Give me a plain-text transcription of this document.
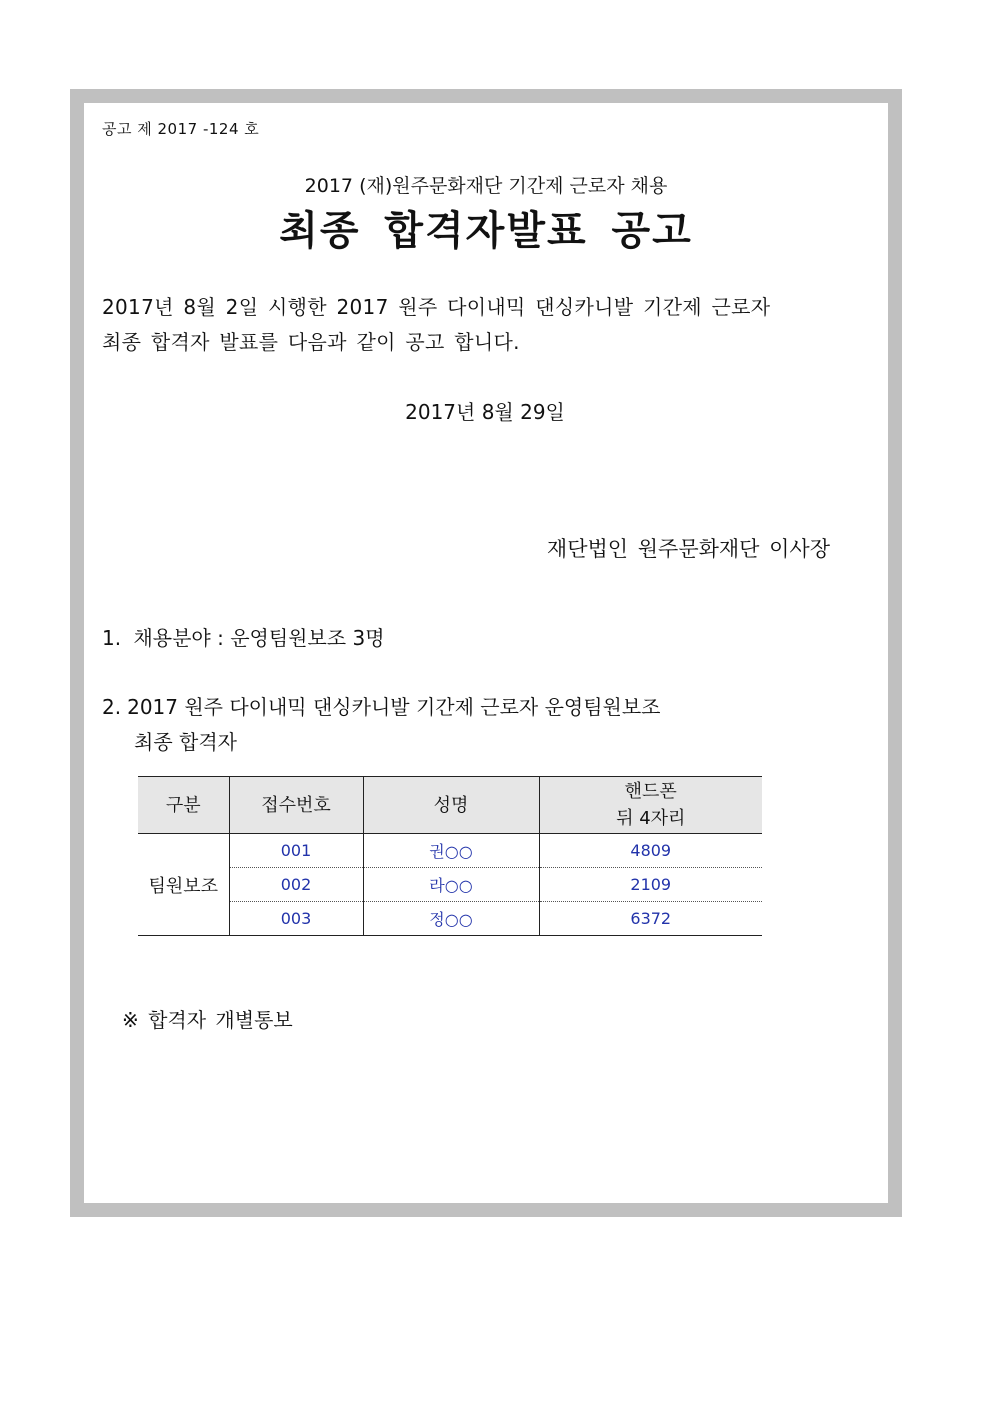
공고 제 2017 -124 호
2017 (재)원주문화재단 기간제 근로자 채용
최종 합격자발표 공고
2017년 8월 2일 시행한 2017 원주 다이내믹 댄싱카니발 기간제 근로자
최종 합격자 발표를 다음과 같이 공고 합니다.
2017년 8월 29일
재단법인 원주문화재단 이사장
1. 채용분야 : 운영팀원보조 3명
2. 2017 원주 다이내믹 댄싱카니발 기간제 근로자 운영팀원보조
최종 합격자
구분	접수번호	성명	핸드폰
뒤 4자리
팀원보조	001	권○○	4809
	002	라○○	2109
	003	정○○	6372
※ 합격자 개별통보
